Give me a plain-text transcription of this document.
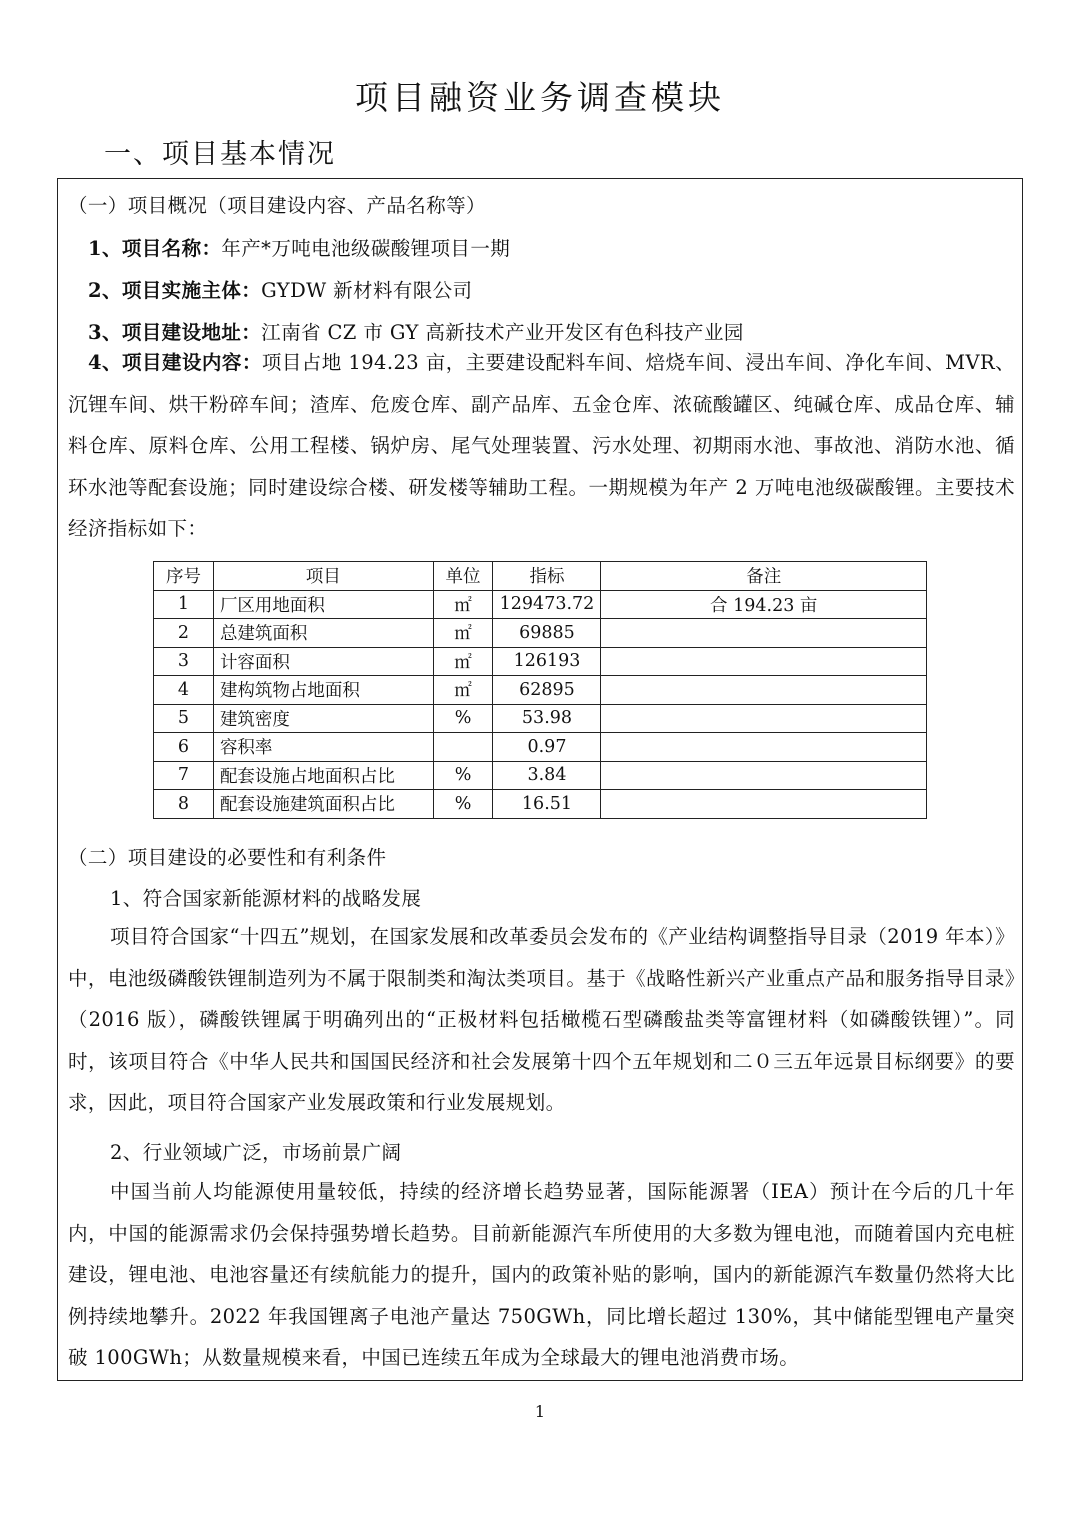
项目融资业务调查模块
一、项目基本情况
（一）项目概况（项目建设内容、产品名称等）
1、项目名称：年产*万吨电池级碳酸锂项目一期
2、项目实施主体：GYDW 新材料有限公司
3、项目建设地址：江南省 CZ 市 GY 高新技术产业开发区有色科技产业园
4、项目建设内容：项目占地 194.23 亩，主要建设配料车间、焙烧车间、浸出车间、净化车间、MVR、沉锂车间、烘干粉碎车间；渣库、危废仓库、副产品库、五金仓库、浓硫酸罐区、纯碱仓库、成品仓库、辅料仓库、原料仓库、公用工程楼、锅炉房、尾气处理装置、污水处理、初期雨水池、事故池、消防水池、循环水池等配套设施；同时建设综合楼、研发楼等辅助工程。一期规模为年产 2 万吨电池级碳酸锂。主要技术经济指标如下：
序号	项目	单位	指标	备注
1	厂区用地面积	㎡	129473.72	合 194.23 亩
2	总建筑面积	㎡	69885	
3	计容面积	㎡	126193	
4	建构筑物占地面积	㎡	62895	
5	建筑密度	%	53.98	
6	容积率		0.97	
7	配套设施占地面积占比	%	3.84	
8	配套设施建筑面积占比	%	16.51	
（二）项目建设的必要性和有利条件
1、符合国家新能源材料的战略发展
项目符合国家“十四五”规划，在国家发展和改革委员会发布的《产业结构调整指导目录（2019 年本）》中，电池级磷酸铁锂制造列为不属于限制类和淘汰类项目。基于《战略性新兴产业重点产品和服务指导目录》（2016 版），磷酸铁锂属于明确列出的“正极材料包括橄榄石型磷酸盐类等富锂材料（如磷酸铁锂）”。同时，该项目符合《中华人民共和国国民经济和社会发展第十四个五年规划和二０三五年远景目标纲要》的要求，因此，项目符合国家产业发展政策和行业发展规划。
2、行业领域广泛，市场前景广阔
中国当前人均能源使用量较低，持续的经济增长趋势显著，国际能源署（IEA）预计在今后的几十年内，中国的能源需求仍会保持强势增长趋势。目前新能源汽车所使用的大多数为锂电池，而随着国内充电桩建设，锂电池、电池容量还有续航能力的提升，国内的政策补贴的影响，国内的新能源汽车数量仍然将大比例持续地攀升。2022 年我国锂离子电池产量达 750GWh，同比增长超过 130%，其中储能型锂电产量突破 100GWh；从数量规模来看，中国已连续五年成为全球最大的锂电池消费市场。
1
